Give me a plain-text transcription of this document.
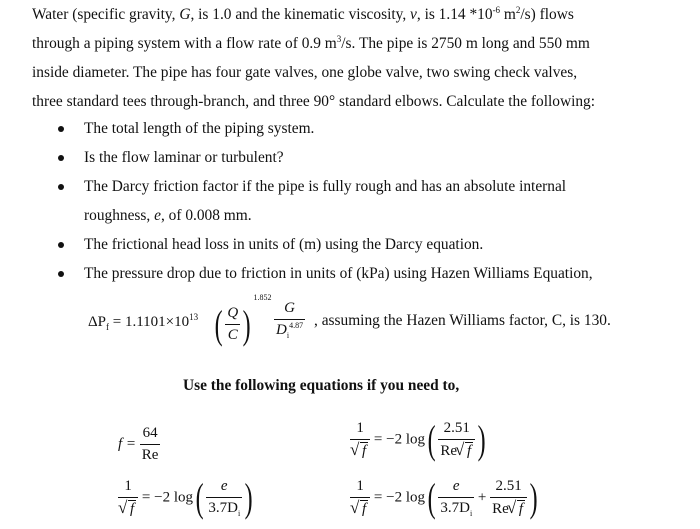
Water (specific gravity, G, is 1.0 and the kinematic viscosity, v, is 1.14 $*10^{-6}$ $m^2/s$) flows
through a piping system with a flow rate of 0.9 $m^3/s$. The pipe is 2750 m long and 550 mm
inside diameter. The pipe has four gate valves, one globe valve, two swing check valves,
three standard tees through-branch, and three 90° standard elbows. Calculate the following:
The total length of the piping system.
Is the flow laminar or turbulent?
The Darcy friction factor if the pipe is fully rough and has an absolute internal
roughness, e, of 0.008 mm.
The frictional head loss in units of (m) using the Darcy equation.
The pressure drop due to friction in units of (kPa) using Hazen Williams Equation,
$\Delta P_f = 1.1101\times 10^{13}$ ( $\frac{Q}{C} )^{1.852}$
$\frac{G}{D_i^{4.87}}$ , assuming the Hazen Williams factor, C, is 130.
Use the following equations if you need to,
$f = \frac{64}{Re}$	1
√ f = −2 $\log( \frac{2.51}{Re √ f}$ )
1
√ f = −2 $\log( \frac{e}{3.7D_i}$ )	1
√ f = −2 $\log( \frac{e}{3.7D_i} + \frac{2.51}{Re √ f}$ )
